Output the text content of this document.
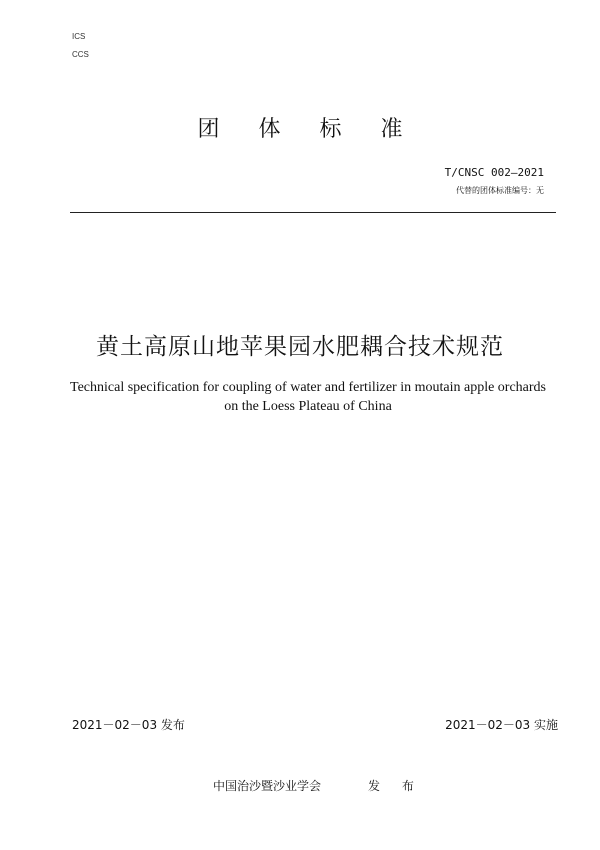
ICS
CCS
团 体 标 准
T/CNSC 002—2021
代替的团体标准编号：无
黄土高原山地苹果园水肥耦合技术规范
Technical specification for coupling of water and fertilizer in moutain apple orchards
on the Loess Plateau of China
2021－02－03 发布	2021－02－03 实施
中国治沙暨沙业学会	发 布
